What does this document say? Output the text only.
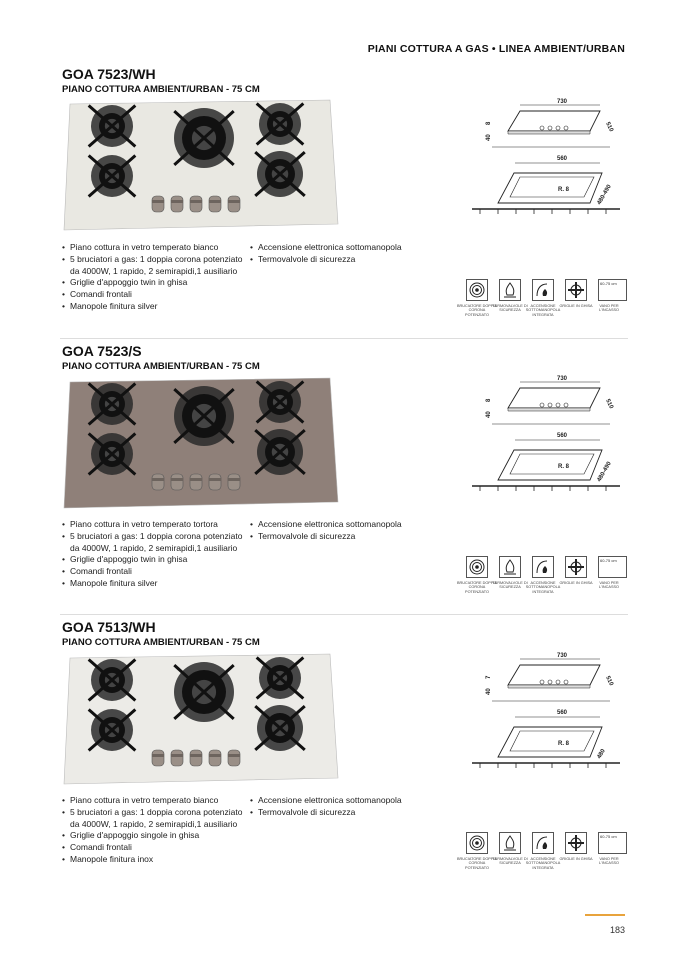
PIANI COTTURA A GAS • LINEA AMBIENT/URBAN
GOA 7523/WH
PIANO COTTURA AMBIENT/URBAN - 75 CM
730
510
40
8
560
R. 8	480-490
• Piano cottura in vetro temperato bianco
• 5 bruciatori a gas: 1 doppia corona potenziato da 4000W, 1 rapido, 2 semirapidi,1 ausiliario
• Griglie d'appoggio twin in ghisa
• Comandi frontali
• Manopole finitura silver
• Accensione elettronica sottomanopola
• Termovalvole di sicurezza
BRUCIATORE DOPPIA CORONA POTENZIATO
TERMOVALVOLE DI SICUREZZA
ACCENSIONE SOTTOMANOPOLA INTEGRATA
GRIGLIE IN GHISA
60-75 cm
VANO PER L'INCASSO
GOA 7523/S
PIANO COTTURA AMBIENT/URBAN - 75 CM
730
510
40
8
560
R. 8	480-490
• Piano cottura in vetro temperato tortora
• 5 bruciatori a gas: 1 doppia corona potenziato da 4000W, 1 rapido, 2 semirapidi,1 ausiliario
• Griglie d'appoggio twin in ghisa
• Comandi frontali
• Manopole finitura silver
• Accensione elettronica sottomanopola
• Termovalvole di sicurezza
BRUCIATORE DOPPIA CORONA POTENZIATO
TERMOVALVOLE DI SICUREZZA
ACCENSIONE SOTTOMANOPOLA INTEGRATA
GRIGLIE IN GHISA
60-75 cm
VANO PER L'INCASSO
GOA 7513/WH
PIANO COTTURA AMBIENT/URBAN - 75 CM
730
510
40
7
560
R. 8
480
• Piano cottura in vetro temperato bianco
• 5 bruciatori a gas: 1 doppia corona potenziato da 4000W, 1 rapido, 2 semirapidi,1 ausiliario
• Griglie d'appoggio singole in ghisa
• Comandi frontali
• Manopole finitura inox
• Accensione elettronica sottomanopola
• Termovalvole di sicurezza
BRUCIATORE DOPPIA CORONA POTENZIATO
TERMOVALVOLE DI SICUREZZA
ACCENSIONE SOTTOMANOPOLA INTEGRATA
GRIGLIE IN GHISA
60-75 cm
VANO PER L'INCASSO
183
